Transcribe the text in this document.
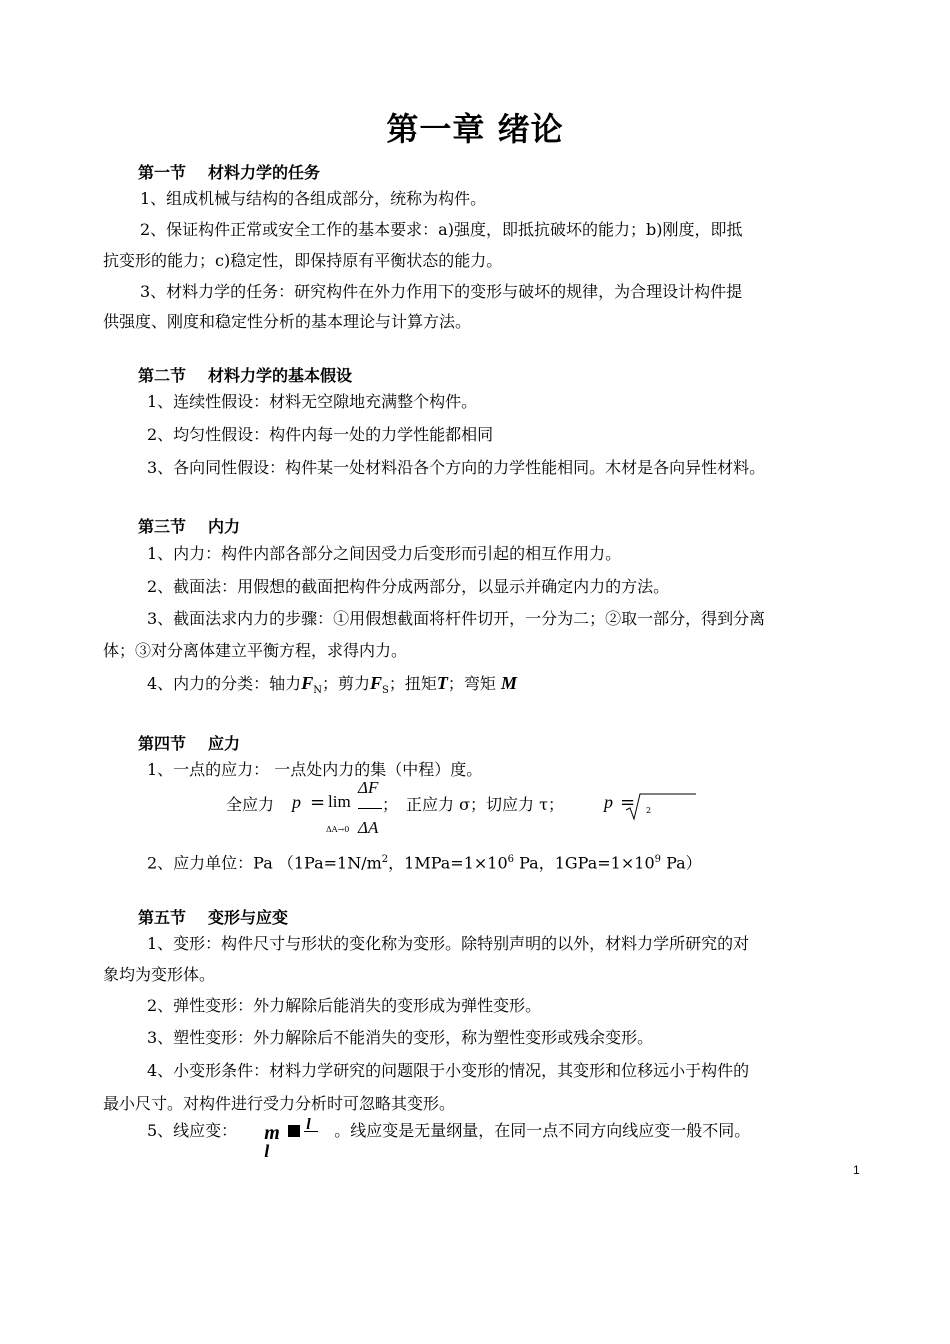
第一章 绪论
第一节 材料力学的任务
1、组成机械与结构的各组成部分，统称为构件。
2、保证构件正常或安全工作的基本要求：a)强度，即抵抗破坏的能力；b)刚度，即抵
抗变形的能力；c)稳定性，即保持原有平衡状态的能力。
3、材料力学的任务：研究构件在外力作用下的变形与破坏的规律，为合理设计构件提
供强度、刚度和稳定性分析的基本理论与计算方法。
第二节 材料力学的基本假设
1、连续性假设：材料无空隙地充满整个构件。
2、均匀性假设：构件内每一处的力学性能都相同
3、各向同性假设：构件某一处材料沿各个方向的力学性能相同。木材是各向异性材料。
第三节 内力
1、内力：构件内部各部分之间因受力后变形而引起的相互作用力。
2、截面法：用假想的截面把构件分成两部分，以显示并确定内力的方法。
3、截面法求内力的步骤：①用假想截面将杆件切开，一分为二；②取一部分，得到分离
体；③对分离体建立平衡方程，求得内力。
4、内力的分类：轴力$F_N$；剪力$F_S$；扭矩T；弯矩 M
第四节 应力
1、一点的应力： 一点处内力的集（中程）度。
全应力 p = lim
ΔA→0
ΔF
ΔA
； 正应力 σ；切应力 τ； p = 2
2、应力单位：Pa （$1Pa=1N/m^2$，$1MPa=1\times 10^6$ Pa，$1GPa=1\times 10^9$ Pa）
第五节 变形与应变
1、变形：构件尺寸与形状的变化称为变形。除特别声明的以外，材料力学所研究的对
象均为变形体。
2、弹性变形：外力解除后能消失的变形成为弹性变形。
3、塑性变形：外力解除后不能消失的变形，称为塑性变形或残余变形。
4、小变形条件：材料力学研究的问题限于小变形的情况，其变形和位移远小于构件的
最小尺寸。对构件进行受力分析时可忽略其变形。
5、线应变： m l
l
。线应变是无量纲量，在同一点不同方向线应变一般不同。
1
